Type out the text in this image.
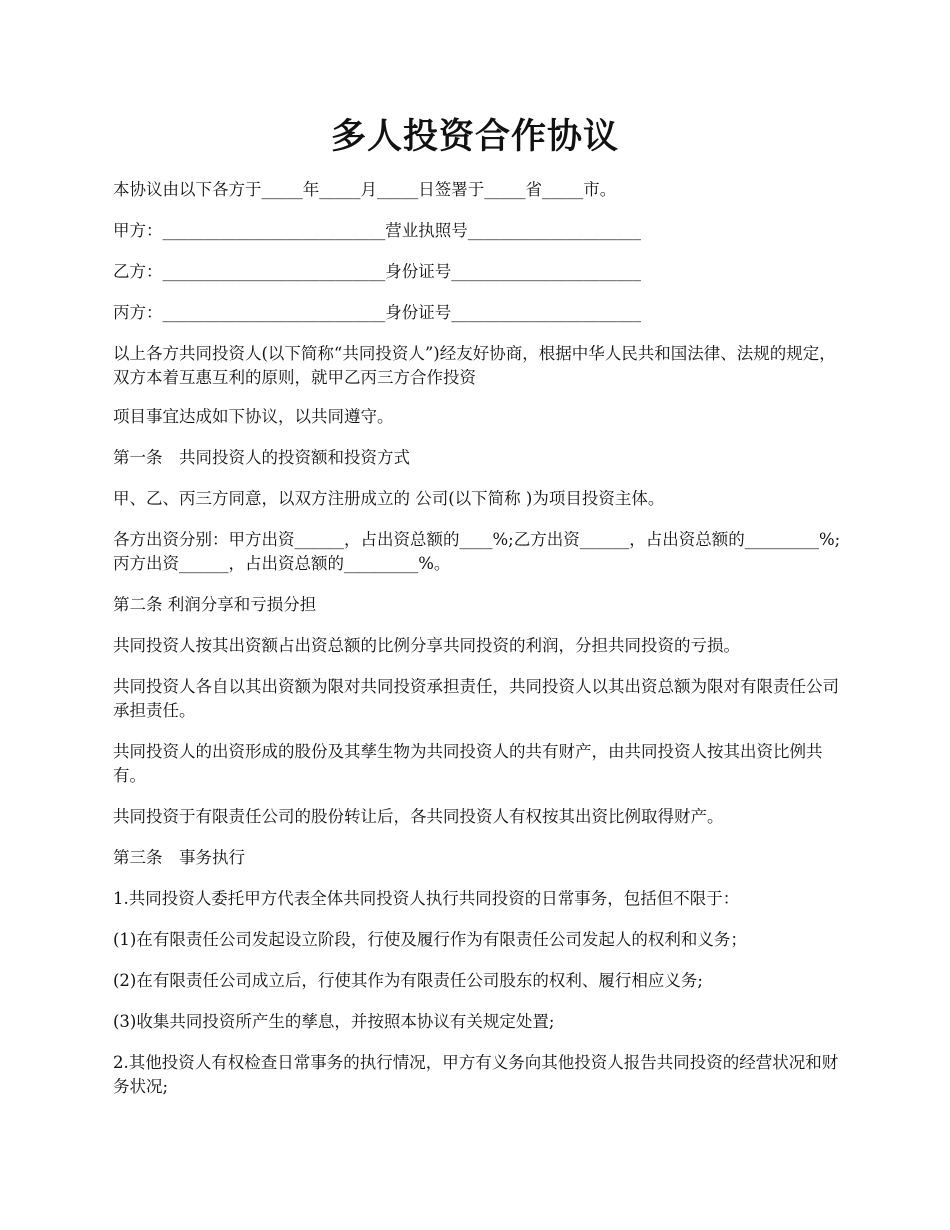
多人投资合作协议

本协议由以下各方于_____年_____月_____日签署于_____省_____市。

甲方：___________________________营业执照号_____________________

乙方：___________________________身份证号_______________________

丙方：___________________________身份证号_______________________

以上各方共同投资人(以下简称“共同投资人”)经友好协商，根据中华人民共和国法律、法规的规定，双方本着互惠互利的原则，就甲乙丙三方合作投资

项目事宜达成如下协议，以共同遵守。

第一条　共同投资人的投资额和投资方式

甲、乙、丙三方同意，以双方注册成立的 公司(以下简称 )为项目投资主体。

各方出资分别：甲方出资______，占出资总额的____%;乙方出资______，占出资总额的_________%;丙方出资______，占出资总额的_________%。

第二条 利润分享和亏损分担

共同投资人按其出资额占出资总额的比例分享共同投资的利润，分担共同投资的亏损。

共同投资人各自以其出资额为限对共同投资承担责任，共同投资人以其出资总额为限对有限责任公司承担责任。

共同投资人的出资形成的股份及其孳生物为共同投资人的共有财产，由共同投资人按其出资比例共有。

共同投资于有限责任公司的股份转让后，各共同投资人有权按其出资比例取得财产。

第三条　事务执行

1.共同投资人委托甲方代表全体共同投资人执行共同投资的日常事务，包括但不限于：

(1)在有限责任公司发起设立阶段，行使及履行作为有限责任公司发起人的权利和义务；

(2)在有限责任公司成立后，行使其作为有限责任公司股东的权利、履行相应义务;

(3)收集共同投资所产生的孳息，并按照本协议有关规定处置;

2.其他投资人有权检查日常事务的执行情况，甲方有义务向其他投资人报告共同投资的经营状况和财务状况;
